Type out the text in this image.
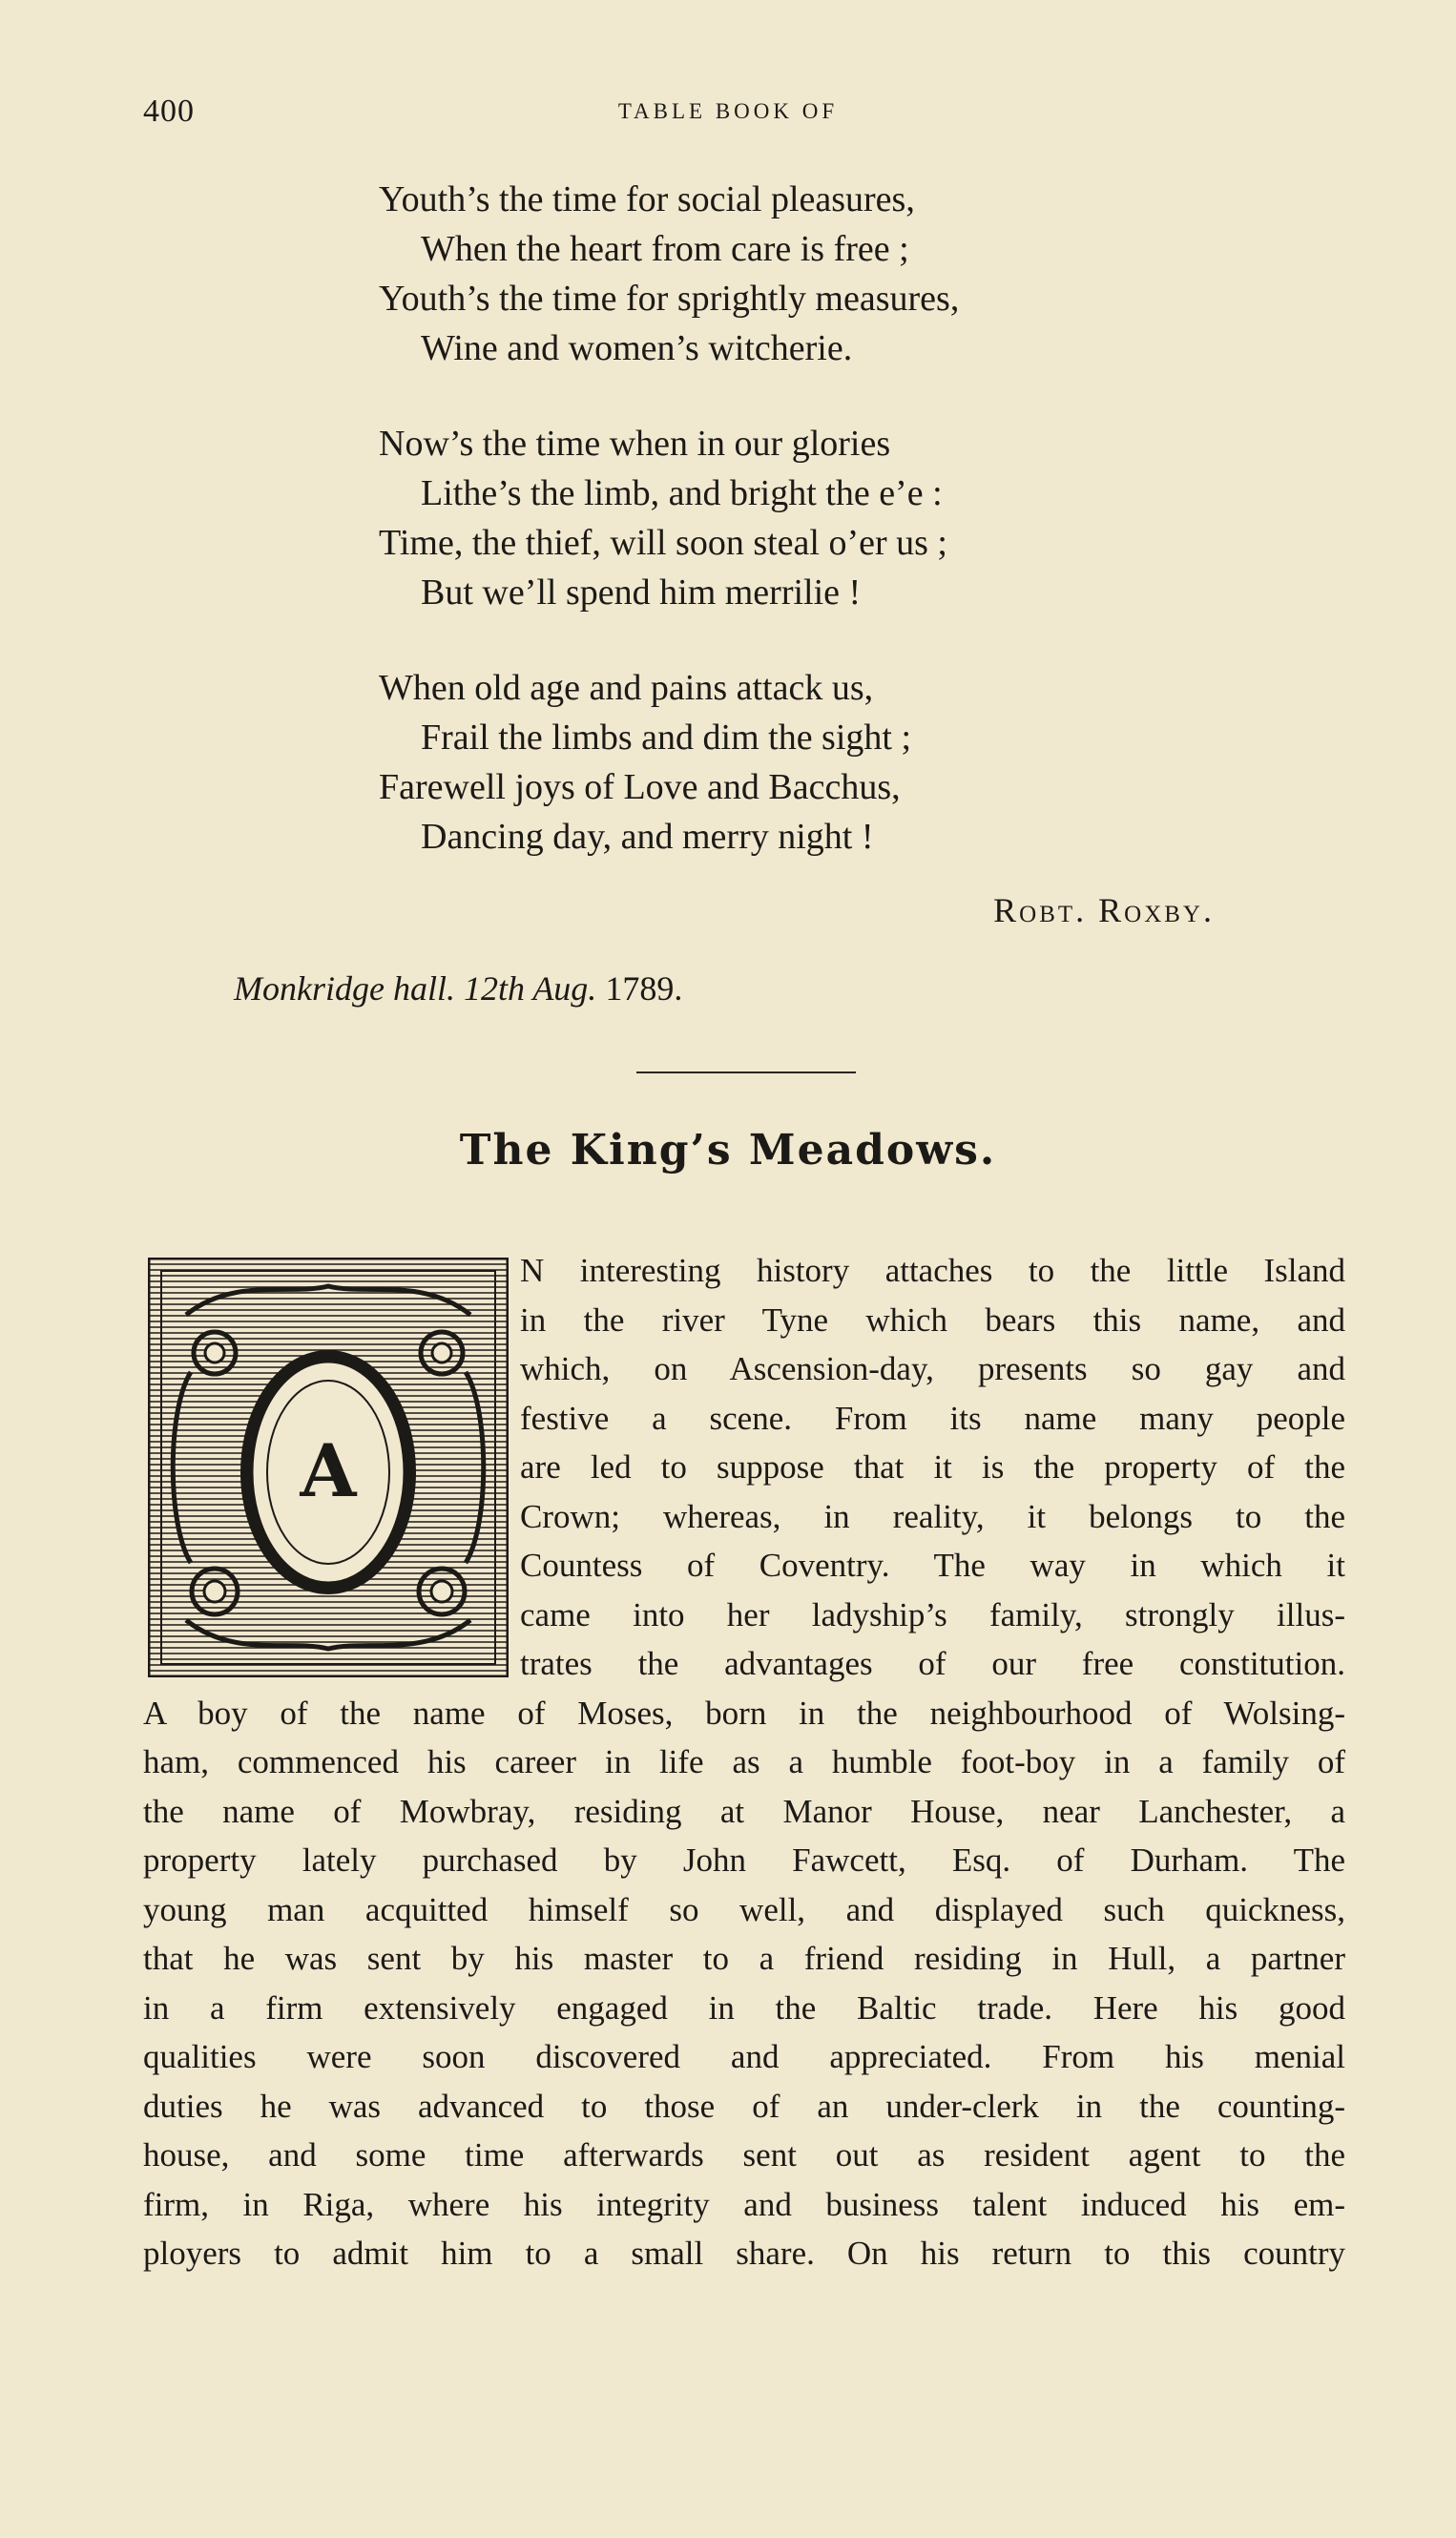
400	TABLE BOOK OF
Youth’s the time for social pleasures,
When the heart from care is free ;
Youth’s the time for sprightly measures,
Wine and women’s witcherie.
Now’s the time when in our glories
Lithe’s the limb, and bright the e’e :
Time, the thief, will soon steal o’er us ;
But we’ll spend him merrilie !
When old age and pains attack us,
Frail the limbs and dim the sight ;
Farewell joys of Love and Bacchus,
Dancing day, and merry night !
Robt. Roxby.
Monkridge hall. 12th Aug. 1789.
The King’s Meadows.
A
N interesting history attaches to the little Island
in the river Tyne which bears this name, and
which, on Ascension-day, presents so gay and
festive a scene. From its name many people
are led to suppose that it is the property of the
Crown; whereas, in reality, it belongs to the
Countess of Coventry. The way in which it
came into her ladyship’s family, strongly illus-
trates the advantages of our free constitution.
A boy of the name of Moses, born in the neighbourhood of Wolsing-
ham, commenced his career in life as a humble foot-boy in a family of
the name of Mowbray, residing at Manor House, near Lanchester, a
property lately purchased by John Fawcett, Esq. of Durham. The
young man acquitted himself so well, and displayed such quickness,
that he was sent by his master to a friend residing in Hull, a partner
in a firm extensively engaged in the Baltic trade. Here his good
qualities were soon discovered and appreciated. From his menial
duties he was advanced to those of an under-clerk in the counting-
house, and some time afterwards sent out as resident agent to the
firm, in Riga, where his integrity and business talent induced his em-
ployers to admit him to a small share. On his return to this country
